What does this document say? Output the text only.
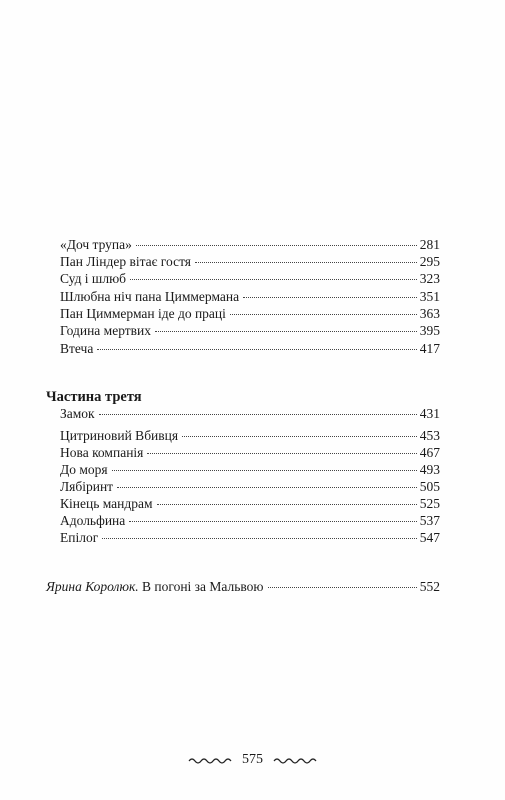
«Доч трупа»	281
Пан Ліндер вітає гостя	295
Суд і шлюб	323
Шлюбна ніч пана Циммермана	351
Пан Циммерман іде до праці	363
Година мертвих	395
Втеча	417
Частина третя
Замок	431
Цитриновий Вбивця	453
Нова компанія	467
До моря	493
Лябіринт	505
Кінець мандрам	525
Адольфина	537
Епілог	547
Ярина Королюк. В погоні за Мальвою	552
575
